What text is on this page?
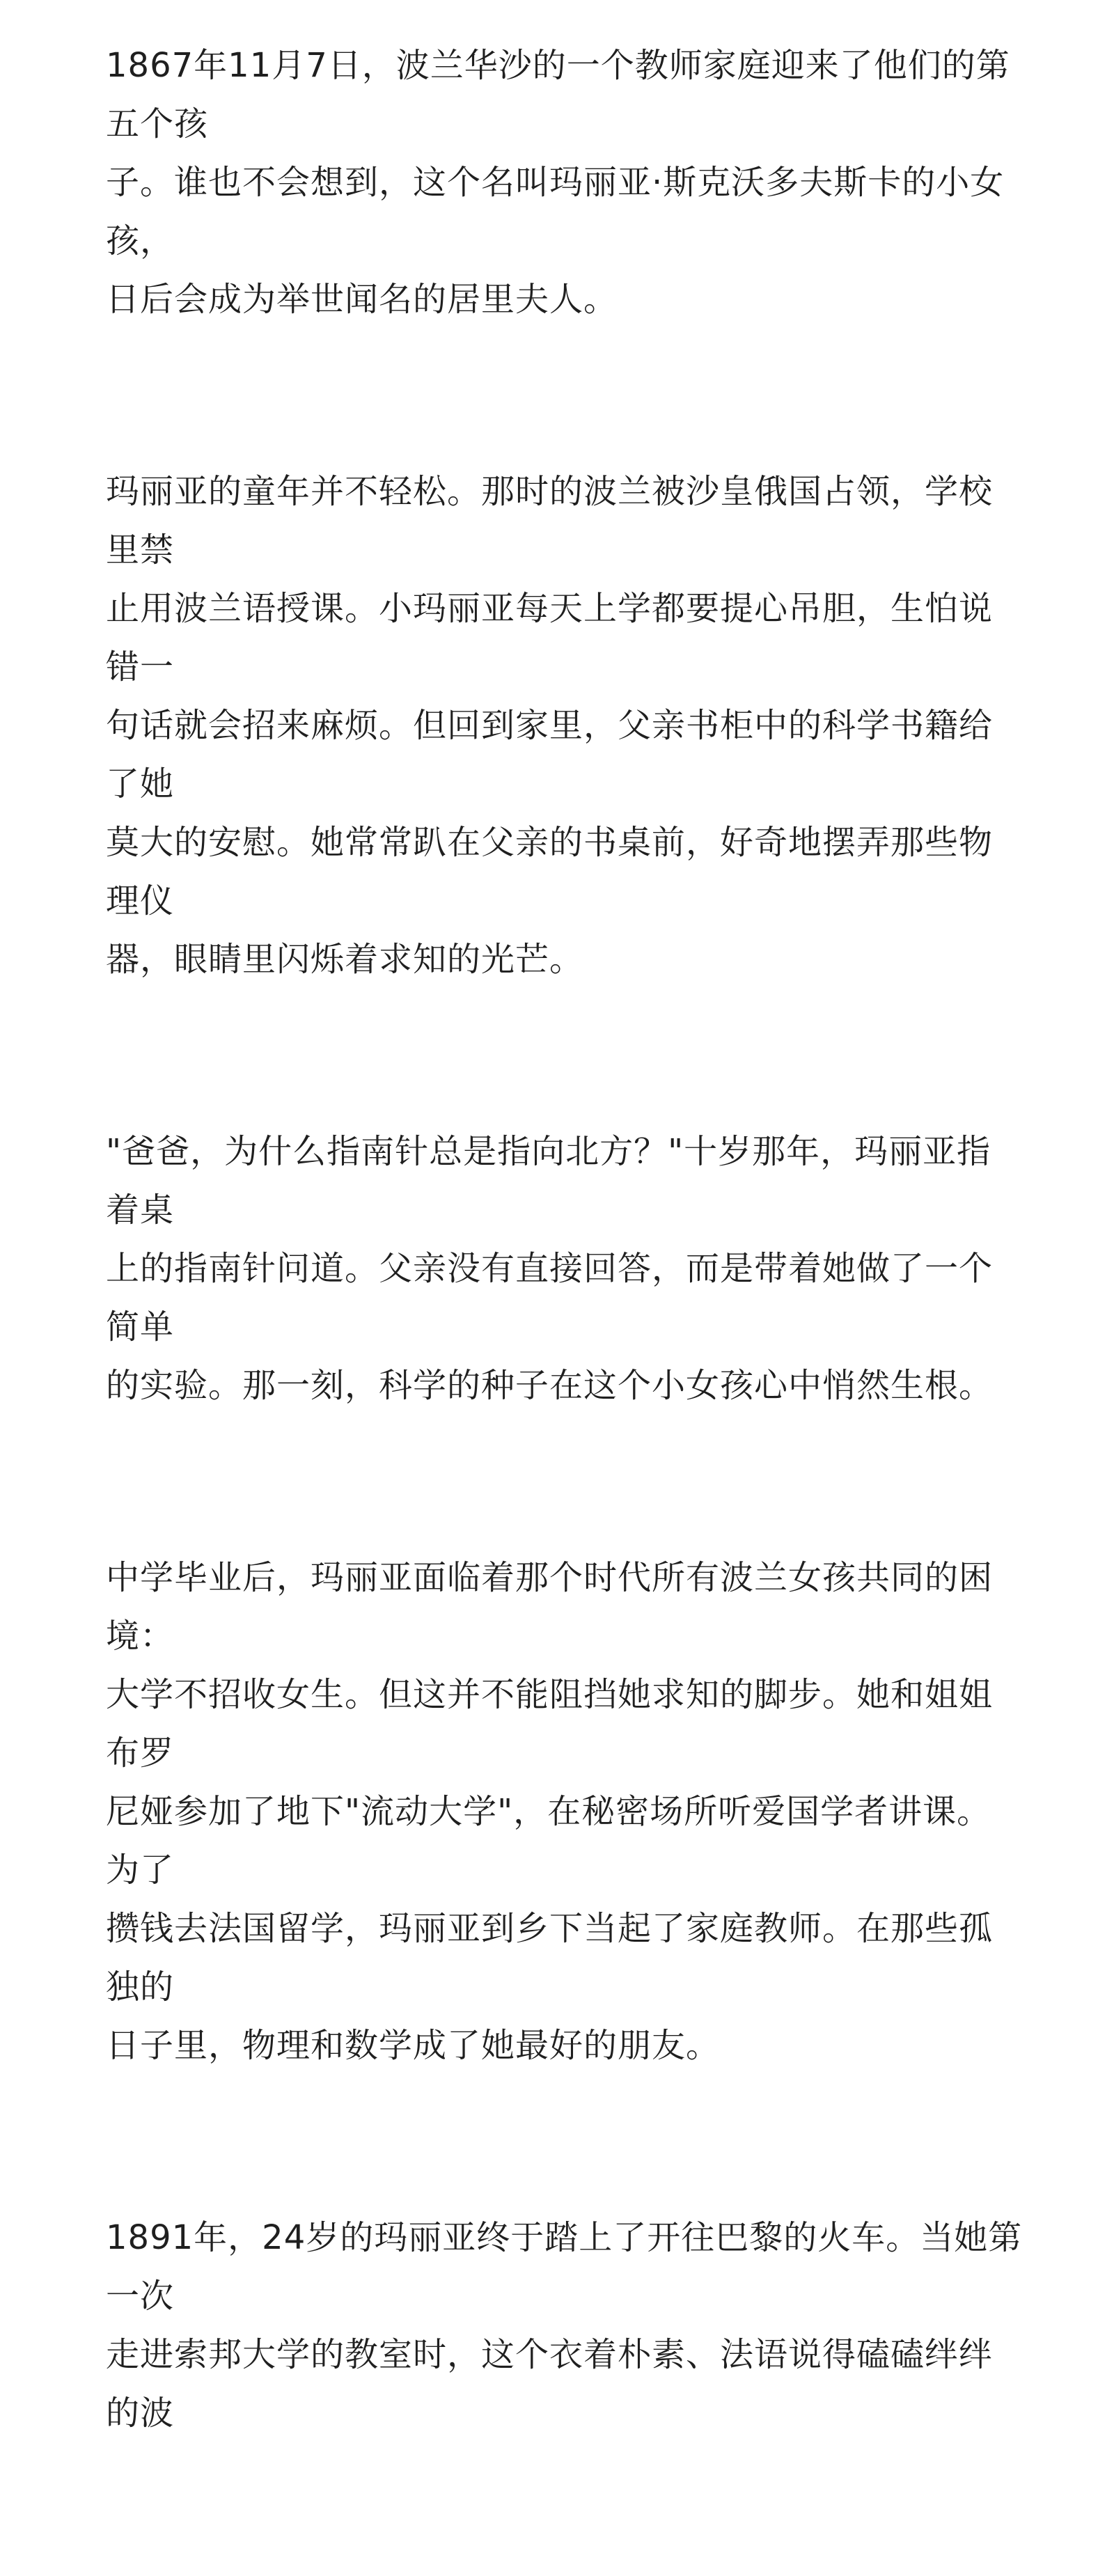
1867年11月7日，波兰华沙的一个教师家庭迎来了他们的第五个孩
子。谁也不会想到，这个名叫玛丽亚·斯克沃多夫斯卡的小女孩，
日后会成为举世闻名的居里夫人。

玛丽亚的童年并不轻松。那时的波兰被沙皇俄国占领，学校里禁
止用波兰语授课。小玛丽亚每天上学都要提心吊胆，生怕说错一
句话就会招来麻烦。但回到家里，父亲书柜中的科学书籍给了她
莫大的安慰。她常常趴在父亲的书桌前，好奇地摆弄那些物理仪
器，眼睛里闪烁着求知的光芒。

"爸爸，为什么指南针总是指向北方？"十岁那年，玛丽亚指着桌
上的指南针问道。父亲没有直接回答，而是带着她做了一个简单
的实验。那一刻，科学的种子在这个小女孩心中悄然生根。

中学毕业后，玛丽亚面临着那个时代所有波兰女孩共同的困境：
大学不招收女生。但这并不能阻挡她求知的脚步。她和姐姐布罗
尼娅参加了地下"流动大学"，在秘密场所听爱国学者讲课。为了
攒钱去法国留学，玛丽亚到乡下当起了家庭教师。在那些孤独的
日子里，物理和数学成了她最好的朋友。

1891年，24岁的玛丽亚终于踏上了开往巴黎的火车。当她第一次
走进索邦大学的教室时，这个衣着朴素、法语说得磕磕绊绊的波
